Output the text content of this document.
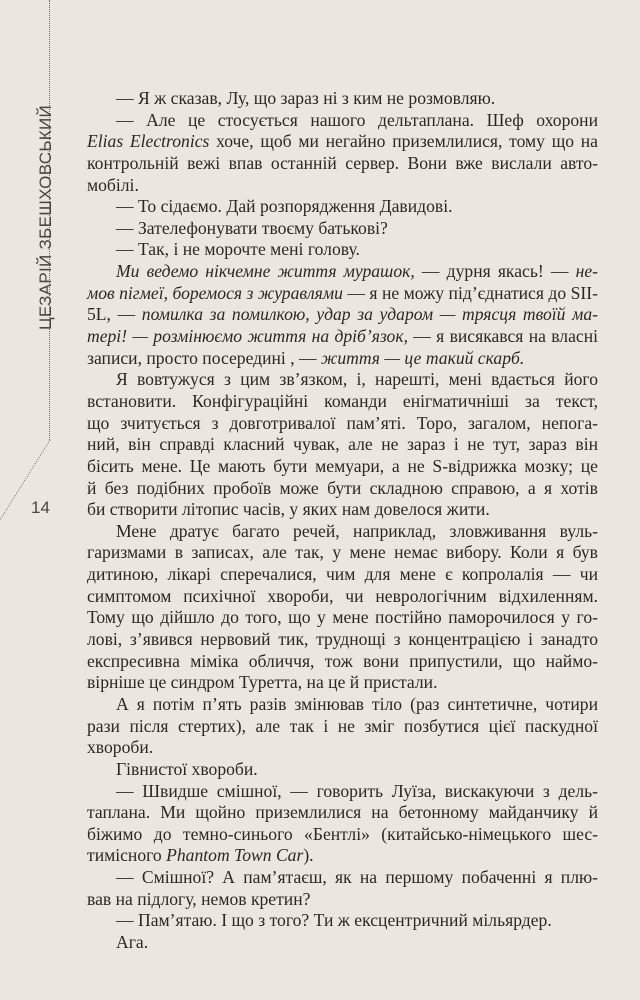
ЦЕЗАРІЙ ЗБЕШХОВСЬКИЙ
14
— Я ж сказав, Лу, що зараз ні з ким не розмовляю.
— Але це стосується нашого дельтаплана. Шеф охорони
Elias Electronics хоче, щоб ми негайно приземлилися, тому що на
контрольній вежі впав останній сервер. Вони вже вислали авто-
мобілі.
— То сідаємо. Дай розпорядження Давидові.
— Зателефонувати твоєму батькові?
— Так, і не морочте мені голову.
Ми ведемо нікчемне життя мурашок, — дурня якась! — не-
мов пігмеї, боремося з журавлями — я не можу під’єднатися до SII-
5L, — помилка за помилкою, удар за ударом — трясця твоїй ма-
тері! — розмінюємо життя на дріб’язок, — я висякався на власні
записи, просто посередині , — життя — це такий скарб.
Я вовтужуся з цим зв’язком, і, нарешті, мені вдається його
встановити. Конфігураційні команди енігматичніші за текст,
що зчитується з довготривалої пам’яті. Торо, загалом, непога-
ний, він справді класний чувак, але не зараз і не тут, зараз він
бісить мене. Це мають бути мемуари, а не S-відрижка мозку; це
й без подібних пробоїв може бути складною справою, а я хотів
би створити літопис часів, у яких нам довелося жити.
Мене дратує багато речей, наприклад, зловживання вуль-
гаризмами в записах, але так, у мене немає вибору. Коли я був
дитиною, лікарі сперечалися, чим для мене є копролалія — чи
симптомом психічної хвороби, чи неврологічним відхиленням.
Тому що дійшло до того, що у мене постійно паморочилося у го-
лові, з’явився нервовий тик, труднощі з концентрацією і занадто
експресивна міміка обличчя, тож вони припустили, що наймо-
вірніше це синдром Туретта, на це й пристали.
А я потім п’ять разів змінював тіло (раз синтетичне, чотири
рази після стертих), але так і не зміг позбутися цієї паскудної
хвороби.
Гівнистої хвороби.
— Швидше смішної, — говорить Луїза, вискакуючи з дель-
таплана. Ми щойно приземлилися на бетонному майданчику й
біжимо до темно-синього «Бентлі» (китайсько-німецького шес-
тимісного Phantom Town Car).
— Смішної? А пам’ятаєш, як на першому побаченні я плю-
вав на підлогу, немов кретин?
— Пам’ятаю. І що з того? Ти ж ексцентричний мільярдер.
Ага.
